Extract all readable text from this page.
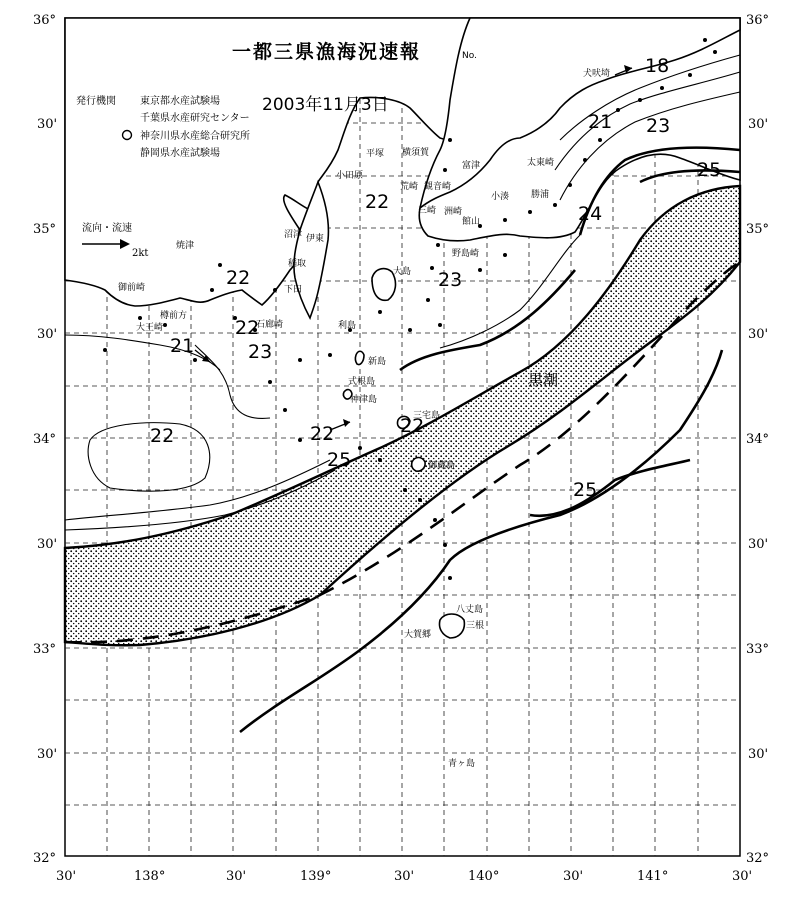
18
21 23
25
24
22
22
22
21	23
22
23
22
25
22
25
黒潮
犬吠埼
太東崎
勝浦
小湊
洲崎
野島崎
横須賀
観音崎
富津
館山
三崎
荒崎
平塚
小田原
大島
利島
新島
式根島
神津島
三宅島
御蔵島
八丈島
三根
大賀郷
青ヶ島
伊東
稲取
下田
石廊崎
沼津
焼津
御前崎
大王崎
樽前方
一都三県漁海況速報	No.
2003年11月3日
発行機関 東京都水産試験場
千葉県水産研究センター
神奈川県水産総合研究所
静岡県水産試験場
流向・流速
2kt
36°
30'
35°
30'
34°
30'
33°
30'
32°
36°
30'
35°
30'
34°
30'
33°
30'
32°
30'	138°	30'	139°	30'	140°	30'	141°	30'
